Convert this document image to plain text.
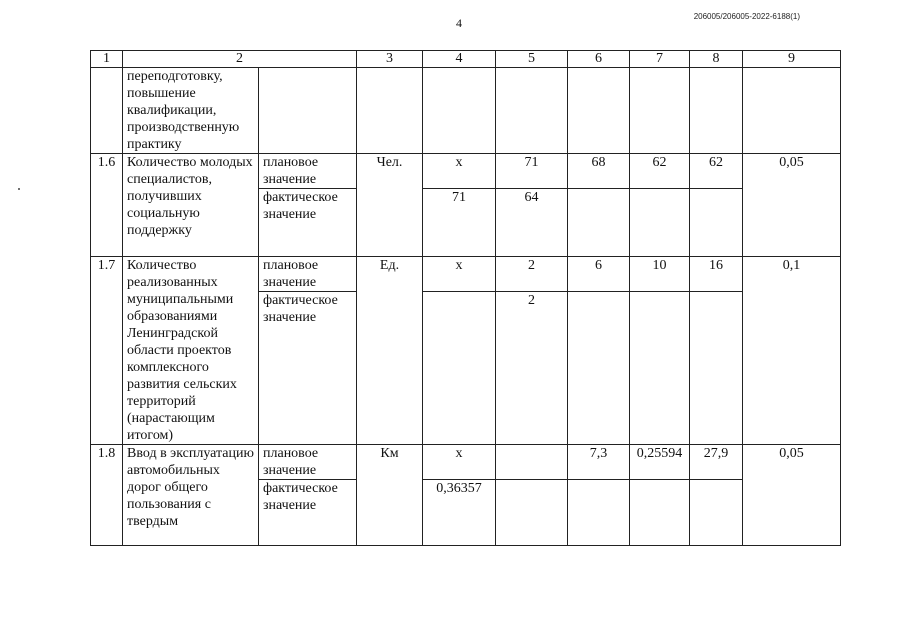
4	206005/206005-2022-6188(1)
1	2		3	4	5	6	7	8	9
	переподготовку, повышение квалификации, производственную практику								
1.6	Количество молодых специалистов, получивших социальную поддержку	плановое значение	Чел.	х	71	68	62	62	0,05
		фактическое значение		71	64				
1.7	Количество реализованных муниципальными образованиями Ленинградской области проектов комплексного развития сельских территорий (нарастающим итогом)	плановое значение	Ед.	х	2	6	10	16	0,1
		фактическое значение			2				
1.8	Ввод в эксплуатацию автомобильных дорог общего пользования с твердым	плановое значение	Км	х		7,3	0,25594	27,9	0,05
		фактическое значение		0,36357					
